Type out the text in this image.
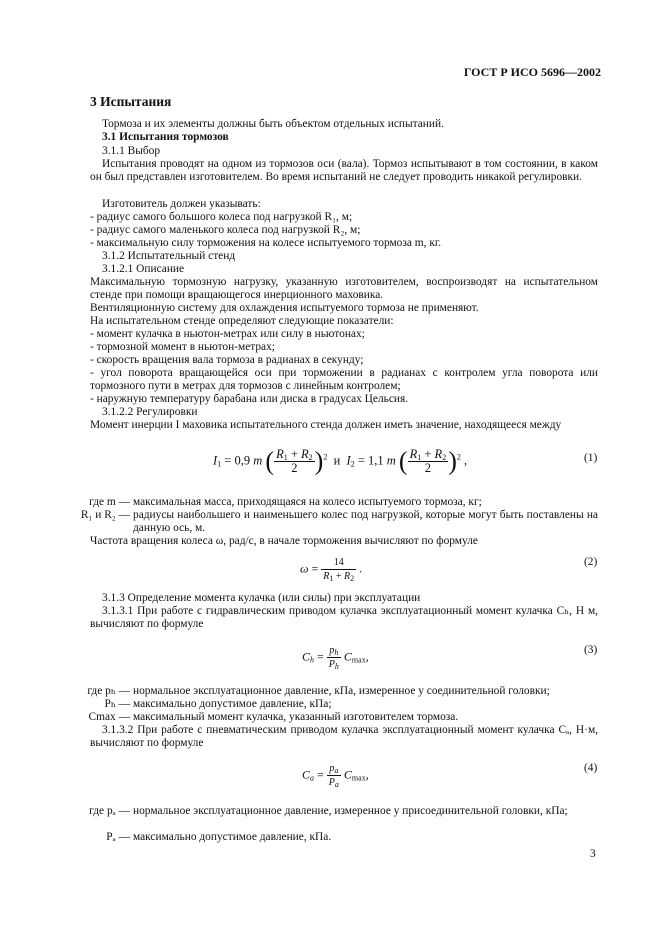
ГОСТ Р ИСО 5696—2002
3 Испытания
Тормоза и их элементы должны быть объектом отдельных испытаний.
3.1 Испытания тормозов
3.1.1 Выбор
Испытания проводят на одном из тормозов оси (вала). Тормоз испытывают в том состоянии, в каком он был представлен изготовителем. Во время испытаний не следует проводить никакой регулировки.
Изготовитель должен указывать:
- радиус самого большого колеса под нагрузкой R₁, м;
- радиус самого маленького колеса под нагрузкой R₂, м;
- максимальную силу торможения на колесе испытуемого тормоза m, кг.
3.1.2 Испытательный стенд
3.1.2.1 Описание
Максимальную тормозную нагрузку, указанную изготовителем, воспроизводят на испытательном стенде при помощи вращающегося инерционного маховика.
Вентиляционную систему для охлаждения испытуемого тормоза не применяют.
На испытательном стенде определяют следующие показатели:
- момент кулачка в ньютон-метрах или силу в ньютонах;
- тормозной момент в ньютон-метрах;
- скорость вращения вала тормоза в радианах в секунду;
- угол поворота вращающейся оси при торможении в радианах с контролем угла поворота или тормозного пути в метрах для тормозов с линейным контролем;
- наружную температуру барабана или диска в градусах Цельсия.
3.1.2.2 Регулировки
Момент инерции I маховика испытательного стенда должен иметь значение, находящееся между
$I_1 = 0,9$ m ( $\frac{R_1 + R_2}{2} )^2$  и  $I_2 = 1,1$ m ( $\frac{R_1 + R_2}{2} )^2$ ,	(1)
где m — максимальная масса, приходящаяся на колесо испытуемого тормоза, кг;
R₁ и R₂ — радиусы наибольшего и наименьшего колес под нагрузкой, которые могут быть поставлены на данную ось, м.
Частота вращения колеса ω, рад/с, в начале торможения вычисляют по формуле
$\omega = \frac{14}{R_1 + R_2}$ .	(2)
3.1.3 Определение момента кулачка (или силы) при эксплуатации
3.1.3.1 При работе с гидравлическим приводом кулачка эксплуатационный момент кулачка Cₕ, Н м, вычисляют по формуле
$C_h = \frac{p_h}{P_h} C_{max}$,	(3)
где pₕ — нормальное эксплуатационное давление, кПа, измеренное у соединительной головки;
Pₕ — максимально допустимое давление, кПа;
Cmax — максимальный момент кулачка, указанный изготовителем тормоза.
3.1.3.2 При работе с пневматическим приводом кулачка эксплуатационный момент кулачка Cₐ, Н·м, вычисляют по формуле
$C_a = \frac{p_a}{P_a} C_{max}$,	(4)
где pₐ — нормальное эксплуатационное давление, измеренное у присоединительной головки, кПа;
Pₐ — максимально допустимое давление, кПа.
3
